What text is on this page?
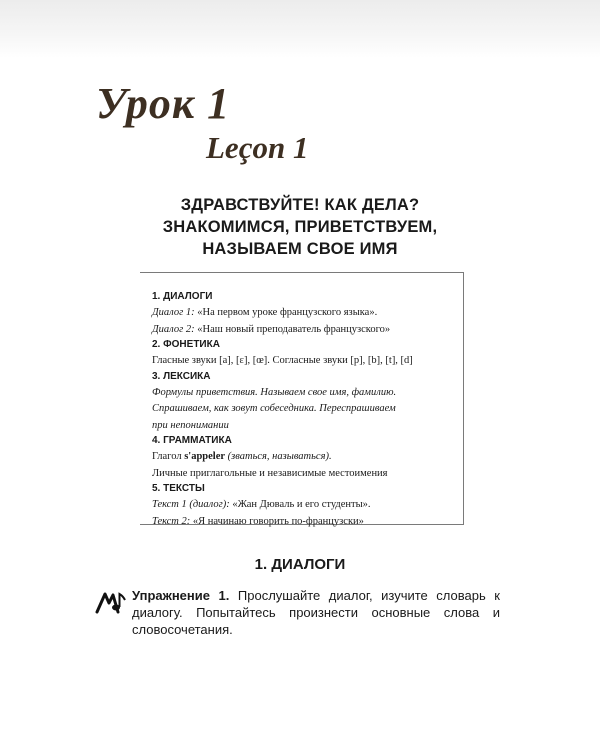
Урок 1
Leçon 1
ЗДРАВСТВУЙТЕ! КАК ДЕЛА?
ЗНАКОМИМСЯ, ПРИВЕТСТВУЕМ,
НАЗЫВАЕМ СВОЕ ИМЯ
1. ДИАЛОГИ
Диалог 1: «На первом уроке французского языка».
Диалог 2: «Наш новый преподаватель французского»
2. ФОНЕТИКА
Гласные звуки [a], [ɛ], [œ]. Согласные звуки [p], [b], [t], [d]
3. ЛЕКСИКА
Формулы приветствия. Называем свое имя, фамилию.
Спрашиваем, как зовут собеседника. Переспрашиваем
при непонимании
4. ГРАММАТИКА
Глагол s'appeler (зваться, называться).
Личные приглагольные и независимые местоимения
5. ТЕКСТЫ
Текст 1 (диалог): «Жан Дюваль и его студенты».
Текст 2: «Я начинаю говорить по-французски»
1. ДИАЛОГИ

Упражнение 1. Прослушайте диалог, изучите словарь к диалогу. Попытайтесь произнести основные слова и словосочетания.
